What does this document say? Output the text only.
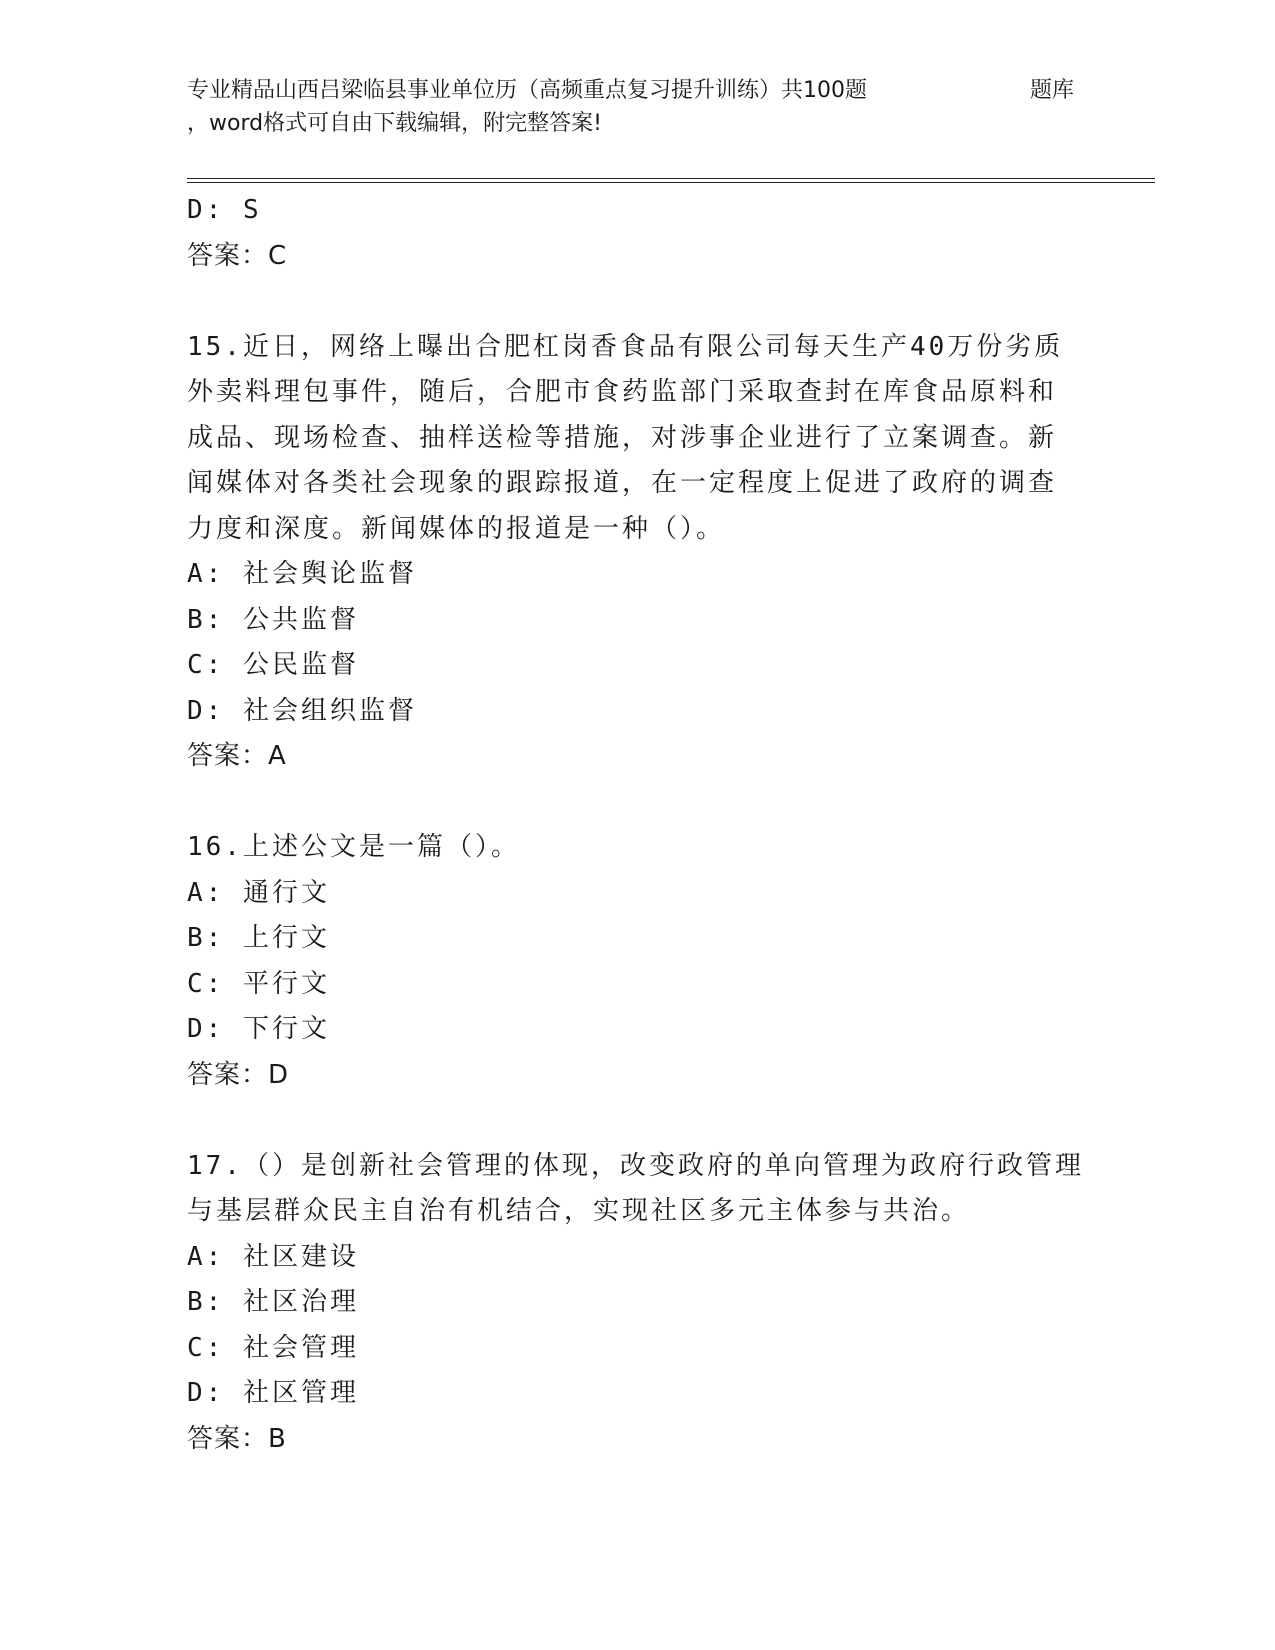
专业精品山西吕梁临县事业单位历（高频重点复习提升训练）共100题	题库
，word格式可自由下载编辑，附完整答案!
D: S
答案：C
15.近日，网络上曝出合肥杠岗香食品有限公司每天生产40万份劣质
外卖料理包事件，随后，合肥市食药监部门采取查封在库食品原料和
成品、现场检查、抽样送检等措施，对涉事企业进行了立案调查。新
闻媒体对各类社会现象的跟踪报道，在一定程度上促进了政府的调查
力度和深度。新闻媒体的报道是一种（）。
A: 社会舆论监督
B: 公共监督
C: 公民监督
D: 社会组织监督
答案：A
16.上述公文是一篇（）。
A: 通行文
B: 上行文
C: 平行文
D: 下行文
答案：D
17.（）是创新社会管理的体现，改变政府的单向管理为政府行政管理
与基层群众民主自治有机结合，实现社区多元主体参与共治。
A: 社区建设
B: 社区治理
C: 社会管理
D: 社区管理
答案：B
